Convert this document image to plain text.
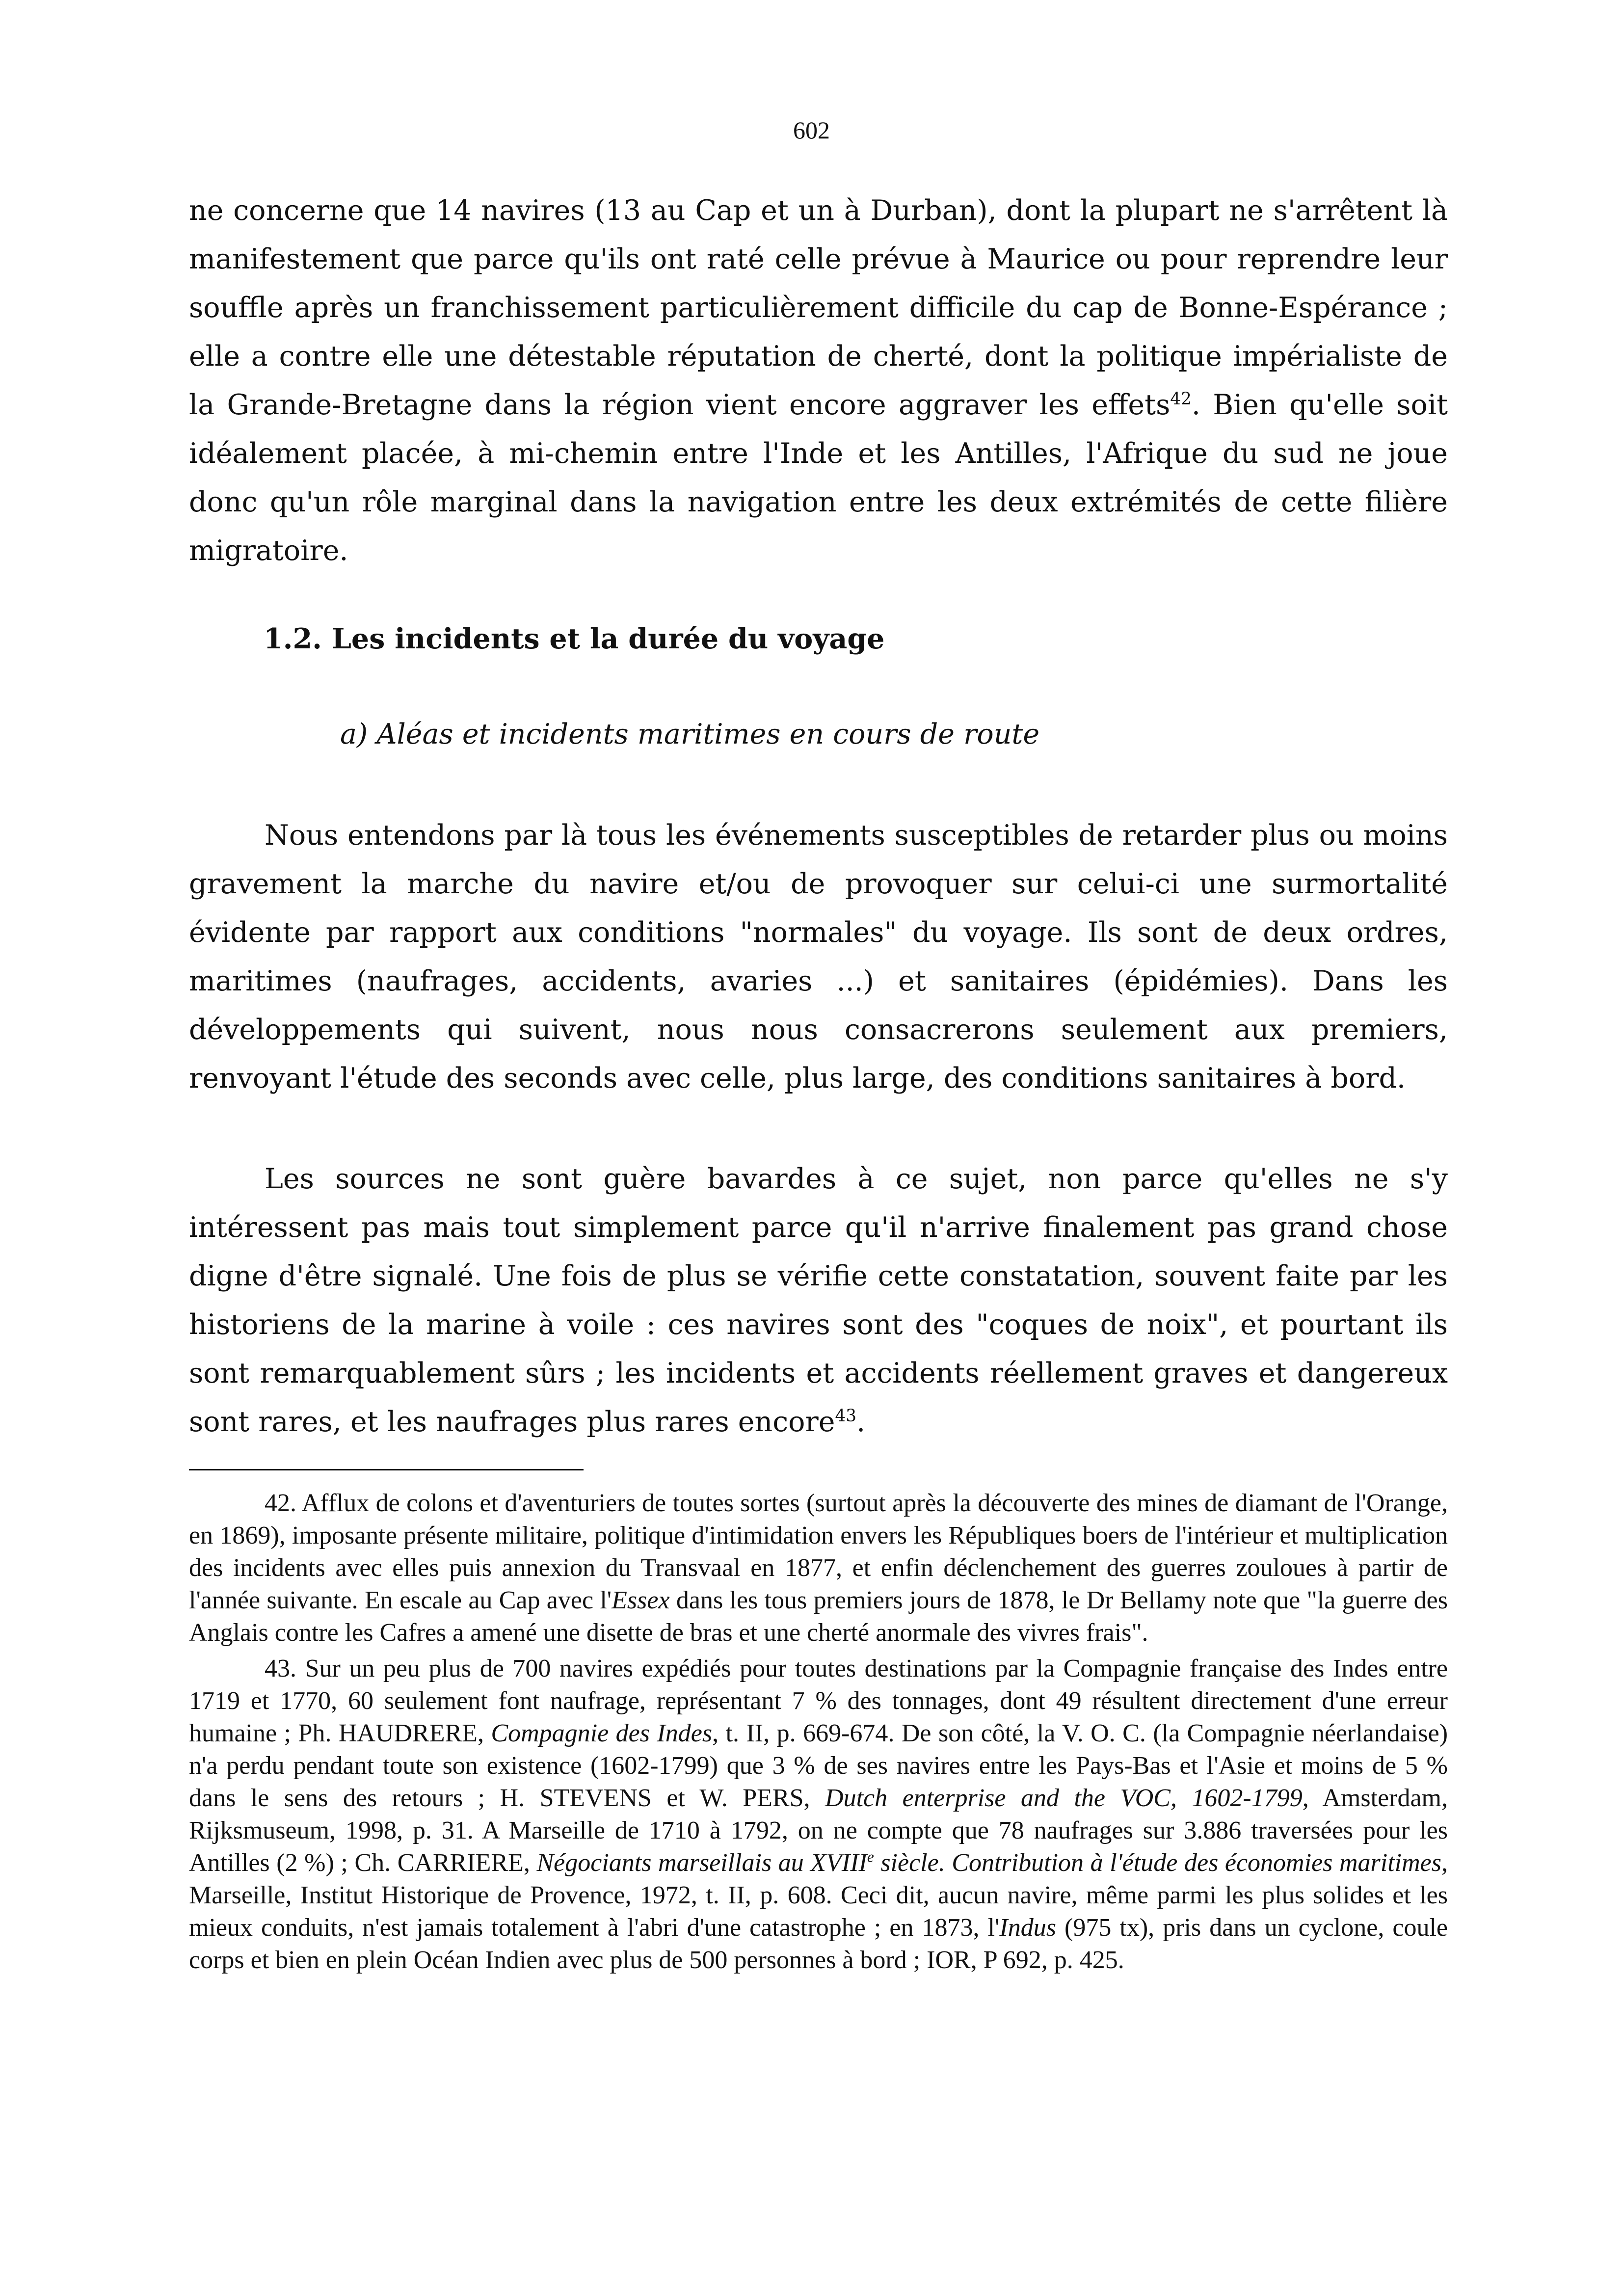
602

ne concerne que 14 navires (13 au Cap et un à Durban), dont la plupart ne s'arrêtent là manifestement que parce qu'ils ont raté celle prévue à Maurice ou pour reprendre leur souffle après un franchissement particulièrement difficile du cap de Bonne-Espérance ; elle a contre elle une détestable réputation de cherté, dont la politique impérialiste de la Grande-Bretagne dans la région vient encore aggraver les effets$^{42}$. Bien qu'elle soit idéalement placée, à mi-chemin entre l'Inde et les Antilles, l'Afrique du sud ne joue donc qu'un rôle marginal dans la navigation entre les deux extrémités de cette filière migratoire.

1.2. Les incidents et la durée du voyage
a) Aléas et incidents maritimes en cours de route

Nous entendons par là tous les événements susceptibles de retarder plus ou moins gravement la marche du navire et/ou de provoquer sur celui-ci une surmortalité évidente par rapport aux conditions "normales" du voyage. Ils sont de deux ordres, maritimes (naufrages, accidents, avaries ...) et sanitaires (épidémies). Dans les développements qui suivent, nous nous consacrerons seulement aux premiers, renvoyant l'étude des seconds avec celle, plus large, des conditions sanitaires à bord.

Les sources ne sont guère bavardes à ce sujet, non parce qu'elles ne s'y intéressent pas mais tout simplement parce qu'il n'arrive finalement pas grand chose digne d'être signalé. Une fois de plus se vérifie cette constatation, souvent faite par les historiens de la marine à voile : ces navires sont des "coques de noix", et pourtant ils sont remarquablement sûrs ; les incidents et accidents réellement graves et dangereux sont rares, et les naufrages plus rares encore$^{43}$.

42. Afflux de colons et d'aventuriers de toutes sortes (surtout après la découverte des mines de diamant de l'Orange, en 1869), imposante présente militaire, politique d'intimidation envers les Républiques boers de l'intérieur et multiplication des incidents avec elles puis annexion du Transvaal en 1877, et enfin déclenchement des guerres zouloues à partir de l'année suivante. En escale au Cap avec l'Essex dans les tous premiers jours de 1878, le Dr Bellamy note que "la guerre des Anglais contre les Cafres a amené une disette de bras et une cherté anormale des vivres frais".

43. Sur un peu plus de 700 navires expédiés pour toutes destinations par la Compagnie française des Indes entre 1719 et 1770, 60 seulement font naufrage, représentant 7 % des tonnages, dont 49 résultent directement d'une erreur humaine ; Ph. HAUDRERE, Compagnie des Indes, t. II, p. 669-674. De son côté, la V. O. C. (la Compagnie néerlandaise) n'a perdu pendant toute son existence (1602-1799) que 3 % de ses navires entre les Pays-Bas et l'Asie et moins de 5 % dans le sens des retours ; H. STEVENS et W. PERS, Dutch enterprise and the VOC, 1602-1799, Amsterdam, Rijksmuseum, 1998, p. 31. A Marseille de 1710 à 1792, on ne compte que 78 naufrages sur 3.886 traversées pour les Antilles (2 %) ; Ch. CARRIERE, Négociants marseillais au XVIIIe siècle. Contribution à l'étude des économies maritimes, Marseille, Institut Historique de Provence, 1972, t. II, p. 608. Ceci dit, aucun navire, même parmi les plus solides et les mieux conduits, n'est jamais totalement à l'abri d'une catastrophe ; en 1873, l'Indus (975 tx), pris dans un cyclone, coule corps et bien en plein Océan Indien avec plus de 500 personnes à bord ; IOR, P 692, p. 425.
